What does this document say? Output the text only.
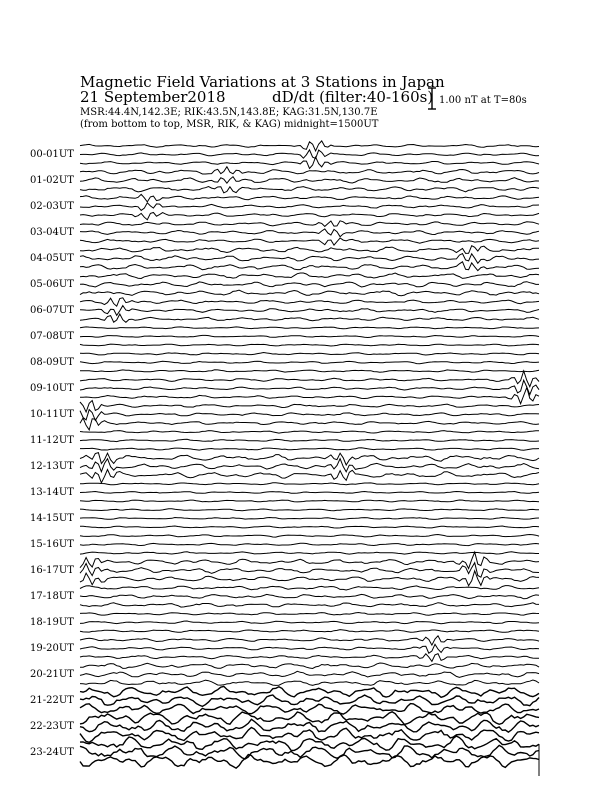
Magnetic Field Variations at 3 Stations in Japan
21 September2018	dD/dt (filter:40-160s)
MSR:44.4N,142.3E; RIK:43.5N,143.8E; KAG:31.5N,130.7E
(from bottom to top, MSR, RIK, & KAG) midnight=1500UT
1.00 nT at T=80s
00-01UT
01-02UT
02-03UT
03-04UT
04-05UT
05-06UT
06-07UT
07-08UT
08-09UT
09-10UT
10-11UT
11-12UT
12-13UT
13-14UT
14-15UT
15-16UT
16-17UT
17-18UT
18-19UT
19-20UT
20-21UT
21-22UT
22-23UT
23-24UT
